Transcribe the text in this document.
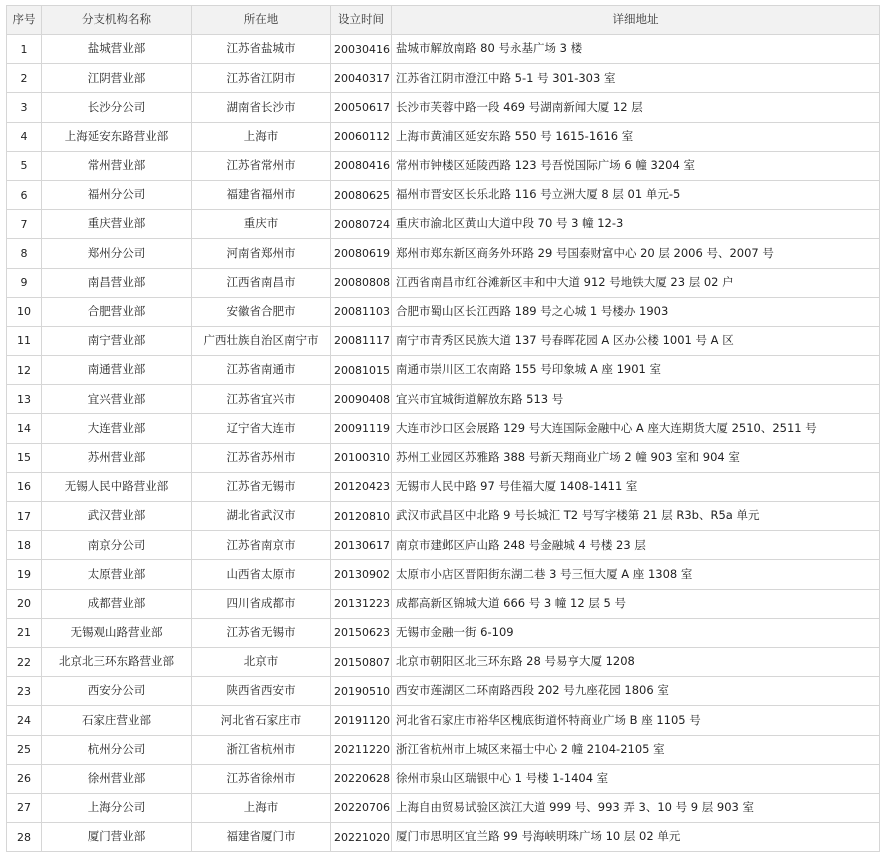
序号	分支机构名称	所在地	设立时间	详细地址
1	盐城营业部	江苏省盐城市	20030416	盐城市解放南路 80 号永基广场 3 楼
2	江阴营业部	江苏省江阴市	20040317	江苏省江阴市澄江中路 5-1 号 301-303 室
3	长沙分公司	湖南省长沙市	20050617	长沙市芙蓉中路一段 469 号湖南新闻大厦 12 层
4	上海延安东路营业部	上海市	20060112	上海市黄浦区延安东路 550 号 1615-1616 室
5	常州营业部	江苏省常州市	20080416	常州市钟楼区延陵西路 123 号吾悦国际广场 6 幢 3204 室
6	福州分公司	福建省福州市	20080625	福州市晋安区长乐北路 116 号立洲大厦 8 层 01 单元-5
7	重庆营业部	重庆市	20080724	重庆市渝北区黄山大道中段 70 号 3 幢 12-3
8	郑州分公司	河南省郑州市	20080619	郑州市郑东新区商务外环路 29 号国泰财富中心 20 层 2006 号、2007 号
9	南昌营业部	江西省南昌市	20080808	江西省南昌市红谷滩新区丰和中大道 912 号地铁大厦 23 层 02 户
10	合肥营业部	安徽省合肥市	20081103	合肥市蜀山区长江西路 189 号之心城 1 号楼办 1903
11	南宁营业部	广西壮族自治区南宁市	20081117	南宁市青秀区民族大道 137 号春晖花园 A 区办公楼 1001 号 A 区
12	南通营业部	江苏省南通市	20081015	南通市崇川区工农南路 155 号印象城 A 座 1901 室
13	宜兴营业部	江苏省宜兴市	20090408	宜兴市宜城街道解放东路 513 号
14	大连营业部	辽宁省大连市	20091119	大连市沙口区会展路 129 号大连国际金融中心 A 座大连期货大厦 2510、2511 号
15	苏州营业部	江苏省苏州市	20100310	苏州工业园区苏雅路 388 号新天翔商业广场 2 幢 903 室和 904 室
16	无锡人民中路营业部	江苏省无锡市	20120423	无锡市人民中路 97 号佳福大厦 1408-1411 室
17	武汉营业部	湖北省武汉市	20120810	武汉市武昌区中北路 9 号长城汇 T2 号写字楼第 21 层 R3b、R5a 单元
18	南京分公司	江苏省南京市	20130617	南京市建邺区庐山路 248 号金融城 4 号楼 23 层
19	太原营业部	山西省太原市	20130902	太原市小店区晋阳街东湖二巷 3 号三恒大厦 A 座 1308 室
20	成都营业部	四川省成都市	20131223	成都高新区锦城大道 666 号 3 幢 12 层 5 号
21	无锡观山路营业部	江苏省无锡市	20150623	无锡市金融一街 6-109
22	北京北三环东路营业部	北京市	20150807	北京市朝阳区北三环东路 28 号易亨大厦 1208
23	西安分公司	陕西省西安市	20190510	西安市莲湖区二环南路西段 202 号九座花园 1806 室
24	石家庄营业部	河北省石家庄市	20191120	河北省石家庄市裕华区槐底街道怀特商业广场 B 座 1105 号
25	杭州分公司	浙江省杭州市	20211220	浙江省杭州市上城区来福士中心 2 幢 2104-2105 室
26	徐州营业部	江苏省徐州市	20220628	徐州市泉山区瑞银中心 1 号楼 1-1404 室
27	上海分公司	上海市	20220706	上海自由贸易试验区滨江大道 999 号、993 弄 3、10 号 9 层 903 室
28	厦门营业部	福建省厦门市	20221020	厦门市思明区宜兰路 99 号海峡明珠广场 10 层 02 单元
